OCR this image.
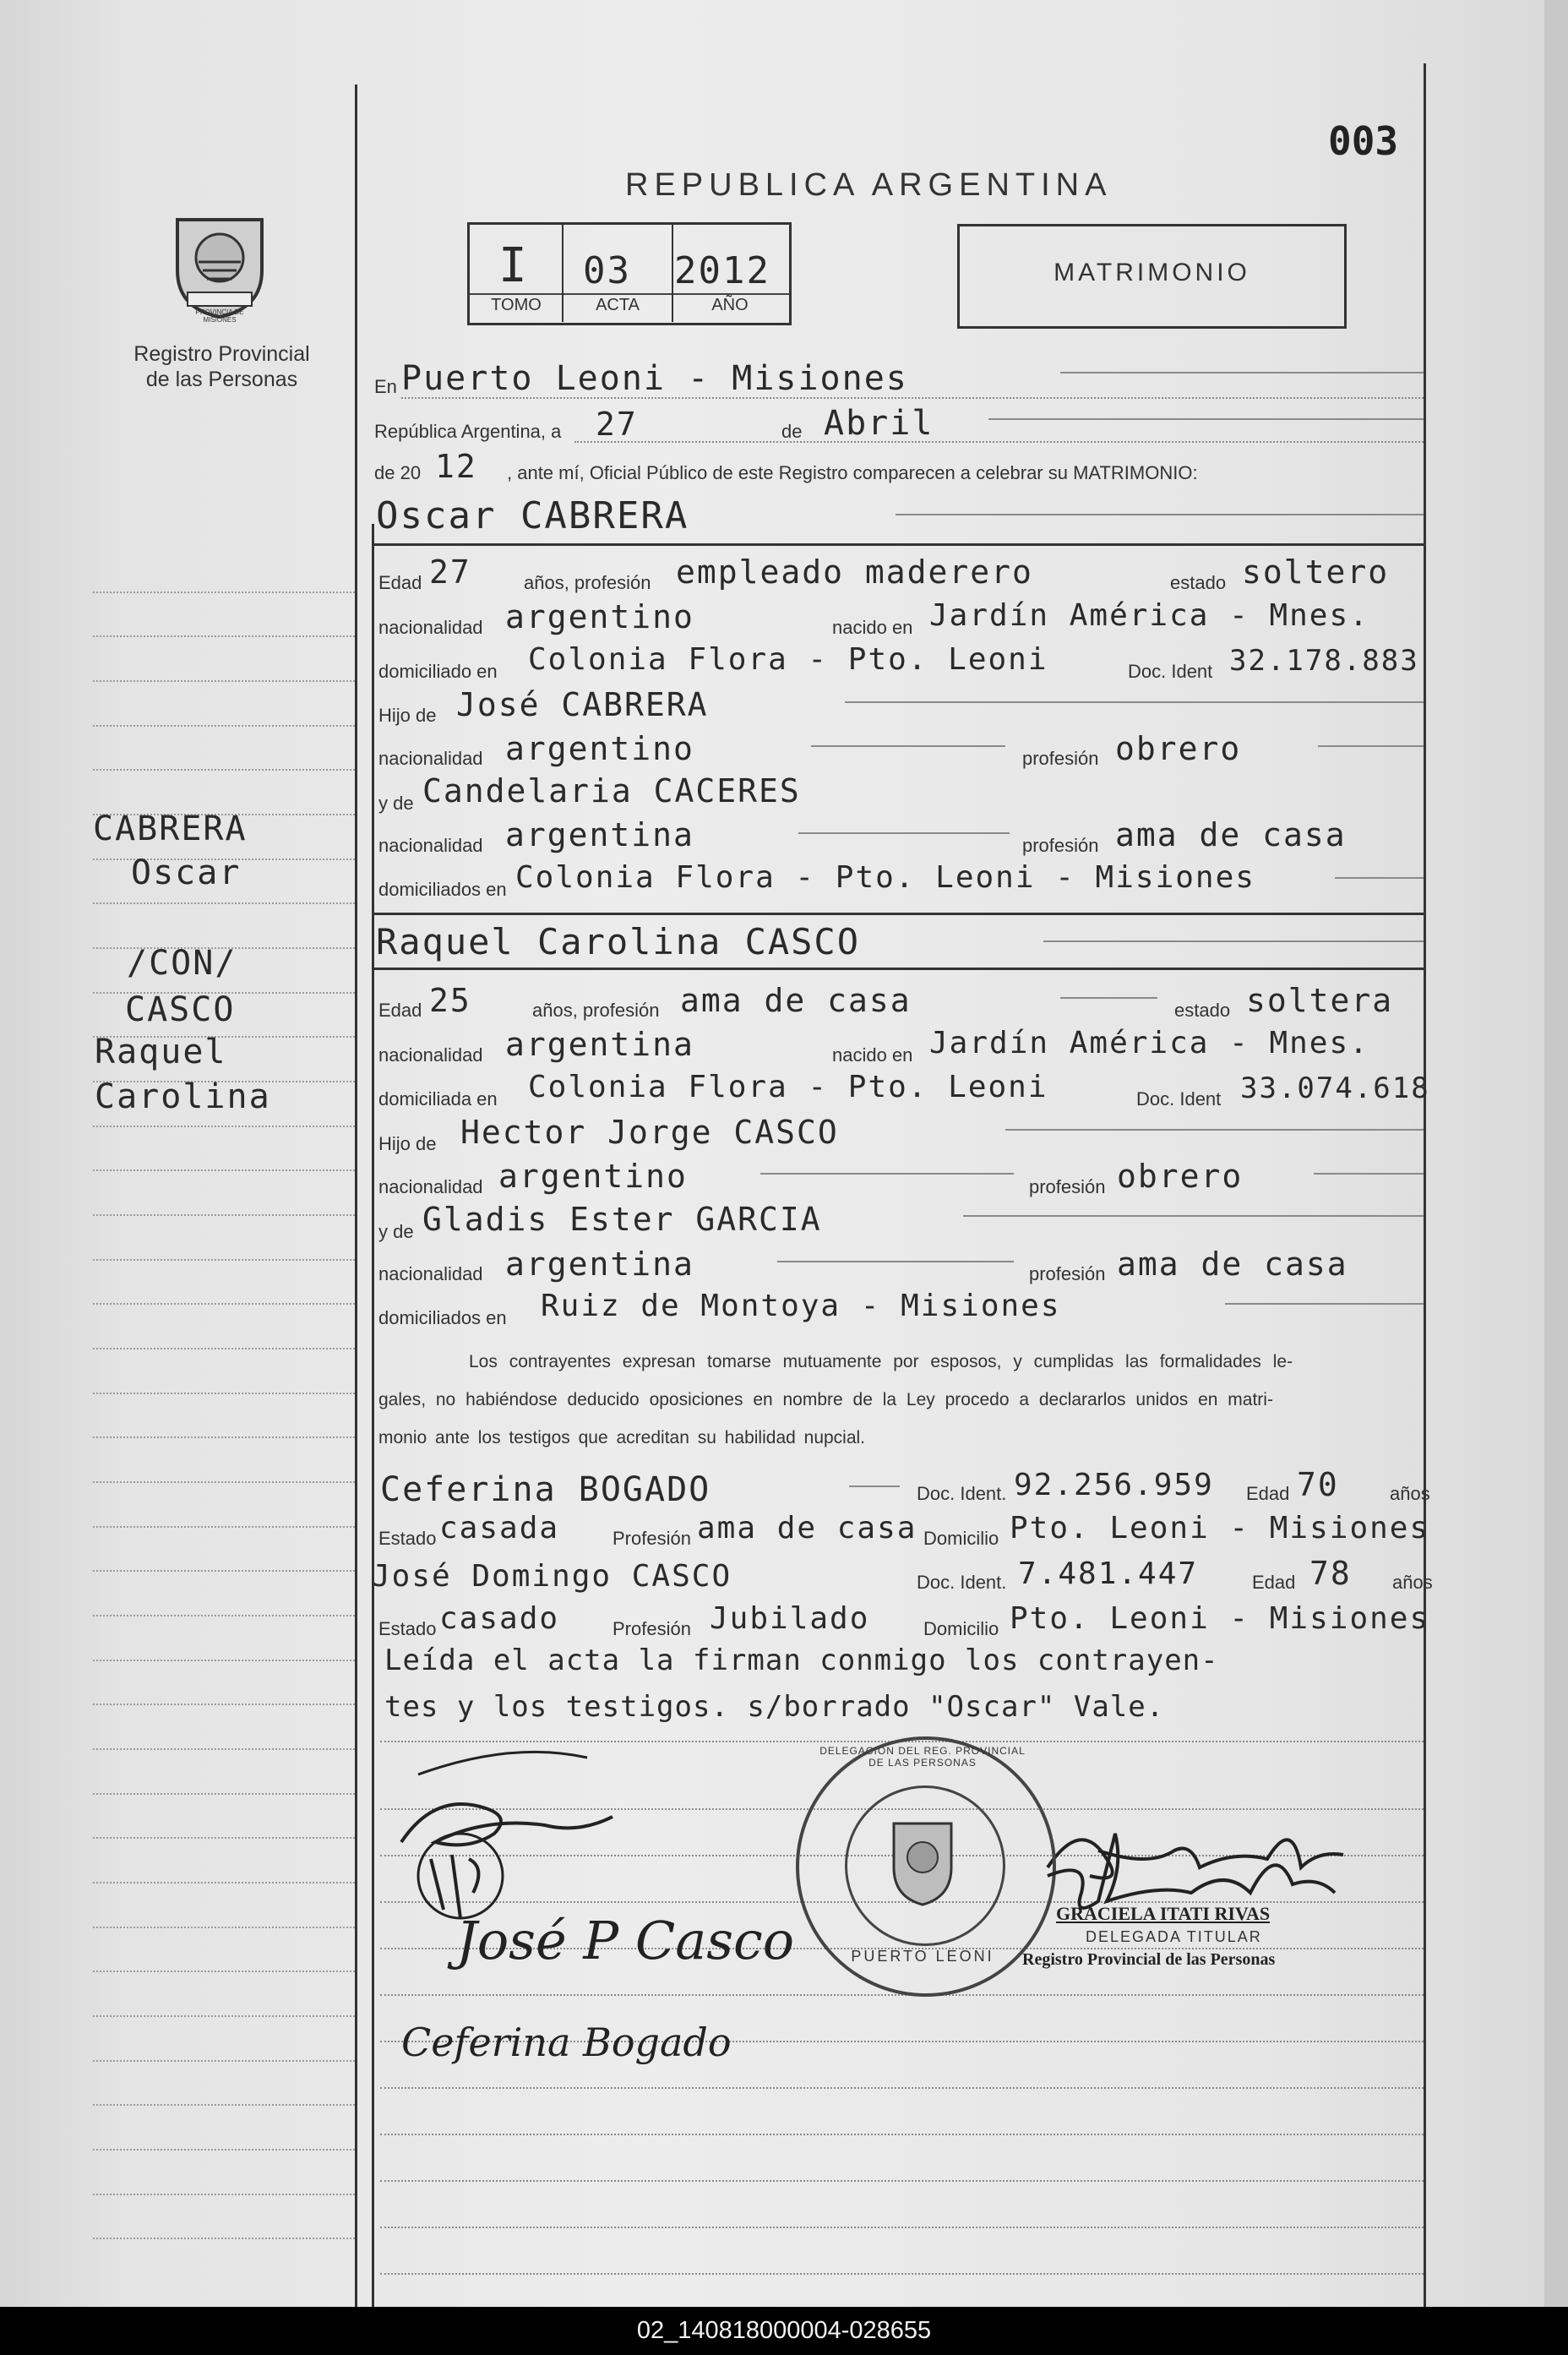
003
REPUBLICA ARGENTINA
I 03 2012
TOMO	ACTA	AÑO
MATRIMONIO
PROVINCIA DE MISIONES
Registro Provincial
de las Personas
CABRERA
Oscar
/CON/
CASCO
Raquel
Carolina
En Puerto Leoni - Misiones
República Argentina, a 27	de Abril
de 20 12 , ante mí, Oficial Público de este Registro comparecen a celebrar su MATRIMONIO:
Oscar CABRERA
Edad 27	años, profesión empleado maderero	estado soltero
nacionalidad argentino	nacido en Jardín América - Mnes.
domiciliado en Colonia Flora - Pto. Leoni	Doc. Ident 32.178.883
Hijo de José CABRERA
nacionalidad argentino	profesión obrero
y de Candelaria CACERES
nacionalidad argentina	profesión ama de casa
domiciliados en Colonia Flora - Pto. Leoni - Misiones
Raquel Carolina CASCO
Edad 25	años, profesión ama de casa	estado soltera
nacionalidad argentina	nacido en Jardín América - Mnes.
domiciliada en Colonia Flora - Pto. Leoni	Doc. Ident 33.074.618
Hijo de Hector Jorge CASCO
nacionalidad argentino	profesión obrero
y de Gladis Ester GARCIA
nacionalidad argentina	profesión ama de casa
domiciliados en Ruiz de Montoya - Misiones
Los contrayentes expresan tomarse mutuamente por esposos, y cumplidas las formalidades le-
gales, no habiéndose deducido oposiciones en nombre de la Ley procedo a declararlos unidos en matri-
monio ante los testigos que acreditan su habilidad nupcial.
Ceferina BOGADO	Doc. Ident. 92.256.959 Edad 70	años
Estado casada	Profesión ama de casa Domicilio Pto. Leoni - Misiones
José Domingo CASCO	Doc. Ident. 7.481.447	Edad 78 años
Estado casado	Profesión Jubilado	Domicilio Pto. Leoni - Misiones
Leída el acta la firman conmigo los contrayen-
tes y los testigos. s/borrado "Oscar" Vale.
DELEGACION DEL REG. PROVINCIAL DE LAS PERSONAS
PUERTO LEONI
GRACIELA ITATI RIVAS
DELEGADA TITULAR
Registro Provincial de las Personas
José P Casco
Ceferina Bogado
02_140818000004-028655
